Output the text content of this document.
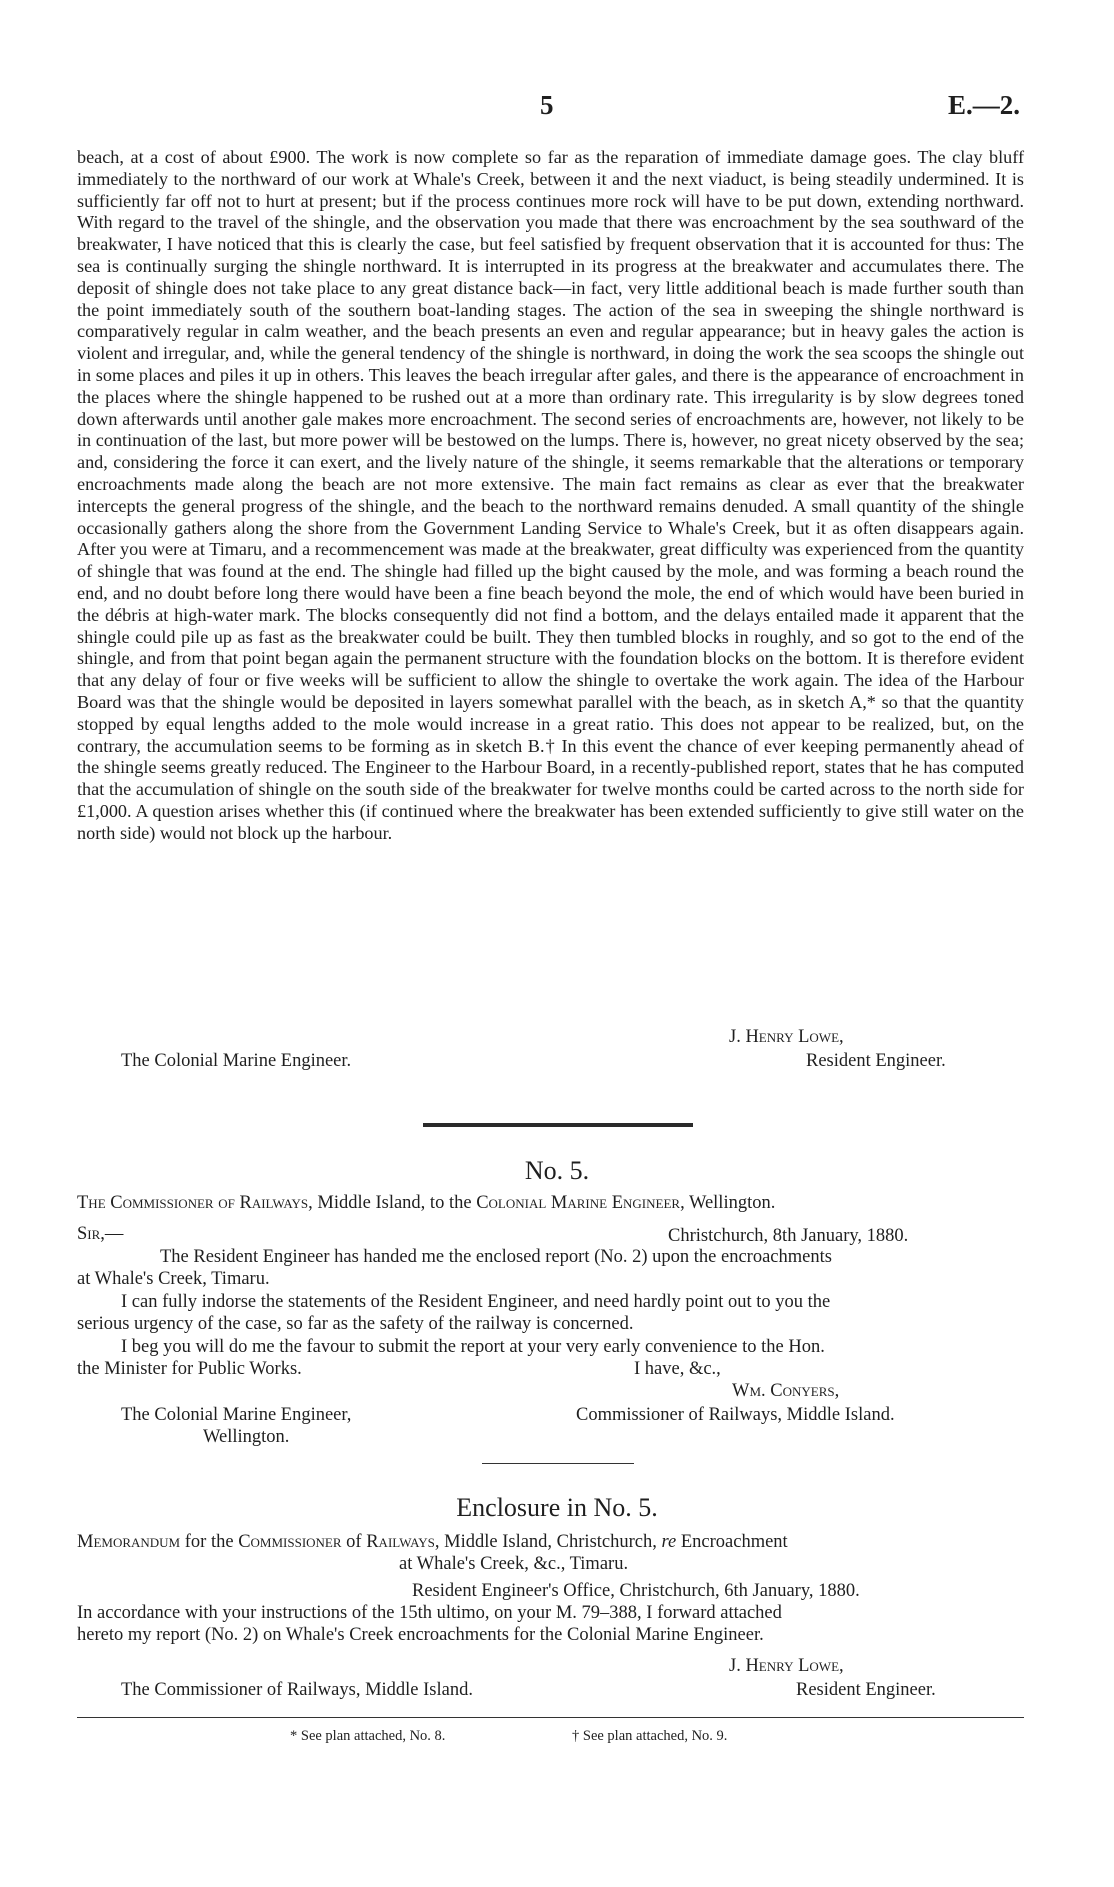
5	E.—2.

beach, at a cost of about £900. The work is now complete so far as the reparation of immediate damage goes. The clay bluff immediately to the northward of our work at Whale's Creek, between it and the next viaduct, is being steadily undermined. It is sufficiently far off not to hurt at present; but if the process continues more rock will have to be put down, extending northward. With regard to the travel of the shingle, and the observation you made that there was encroachment by the sea southward of the breakwater, I have noticed that this is clearly the case, but feel satisfied by frequent observation that it is accounted for thus: The sea is continually surging the shingle northward. It is interrupted in its progress at the breakwater and accumulates there. The deposit of shingle does not take place to any great distance back—in fact, very little additional beach is made further south than the point immediately south of the southern boat-landing stages. The action of the sea in sweeping the shingle northward is comparatively regular in calm weather, and the beach presents an even and regular appearance; but in heavy gales the action is violent and irregular, and, while the general tendency of the shingle is northward, in doing the work the sea scoops the shingle out in some places and piles it up in others. This leaves the beach irregular after gales, and there is the appearance of encroachment in the places where the shingle happened to be rushed out at a more than ordinary rate. This irregularity is by slow degrees toned down afterwards until another gale makes more encroachment. The second series of encroachments are, however, not likely to be in continuation of the last, but more power will be bestowed on the lumps. There is, however, no great nicety observed by the sea; and, considering the force it can exert, and the lively nature of the shingle, it seems remarkable that the alterations or temporary encroachments made along the beach are not more extensive. The main fact remains as clear as ever that the breakwater intercepts the general progress of the shingle, and the beach to the northward remains denuded. A small quantity of the shingle occasionally gathers along the shore from the Government Landing Service to Whale's Creek, but it as often disappears again. After you were at Timaru, and a recommencement was made at the breakwater, great difficulty was experienced from the quantity of shingle that was found at the end. The shingle had filled up the bight caused by the mole, and was forming a beach round the end, and no doubt before long there would have been a fine beach beyond the mole, the end of which would have been buried in the débris at high-water mark. The blocks consequently did not find a bottom, and the delays entailed made it apparent that the shingle could pile up as fast as the breakwater could be built. They then tumbled blocks in roughly, and so got to the end of the shingle, and from that point began again the permanent structure with the foundation blocks on the bottom. It is therefore evident that any delay of four or five weeks will be sufficient to allow the shingle to overtake the work again. The idea of the Harbour Board was that the shingle would be deposited in layers somewhat parallel with the beach, as in sketch A,* so that the quantity stopped by equal lengths added to the mole would increase in a great ratio. This does not appear to be realized, but, on the contrary, the accumulation seems to be forming as in sketch B.† In this event the chance of ever keeping permanently ahead of the shingle seems greatly reduced. The Engineer to the Harbour Board, in a recently-published report, states that he has computed that the accumulation of shingle on the south side of the breakwater for twelve months could be carted across to the north side for £1,000. A question arises whether this (if continued where the breakwater has been extended sufficiently to give still water on the north side) would not block up the harbour.

J. Henry Lowe,
Resident Engineer.
The Colonial Marine Engineer.
No. 5.
The Commissioner of Railways, Middle Island, to the Colonial Marine Engineer, Wellington.
Sir,—	Christchurch, 8th January, 1880.
The Resident Engineer has handed me the enclosed report (No. 2) upon the encroachments
at Whale's Creek, Timaru.
I can fully indorse the statements of the Resident Engineer, and need hardly point out to you the
serious urgency of the case, so far as the safety of the railway is concerned.
I beg you will do me the favour to submit the report at your very early convenience to the Hon.
the Minister for Public Works.	I have, &c.,
Wm. Conyers,
Commissioner of Railways, Middle Island.
The Colonial Marine Engineer,
Wellington.
Enclosure in No. 5.
Memorandum for the Commissioner of Railways, Middle Island, Christchurch, re Encroachment
at Whale's Creek, &c., Timaru.
Resident Engineer's Office, Christchurch, 6th January, 1880.
In accordance with your instructions of the 15th ultimo, on your M. 79–388, I forward attached
hereto my report (No. 2) on Whale's Creek encroachments for the Colonial Marine Engineer.
J. Henry Lowe,
Resident Engineer.
The Commissioner of Railways, Middle Island.
* See plan attached, No. 8.	† See plan attached, No. 9.
